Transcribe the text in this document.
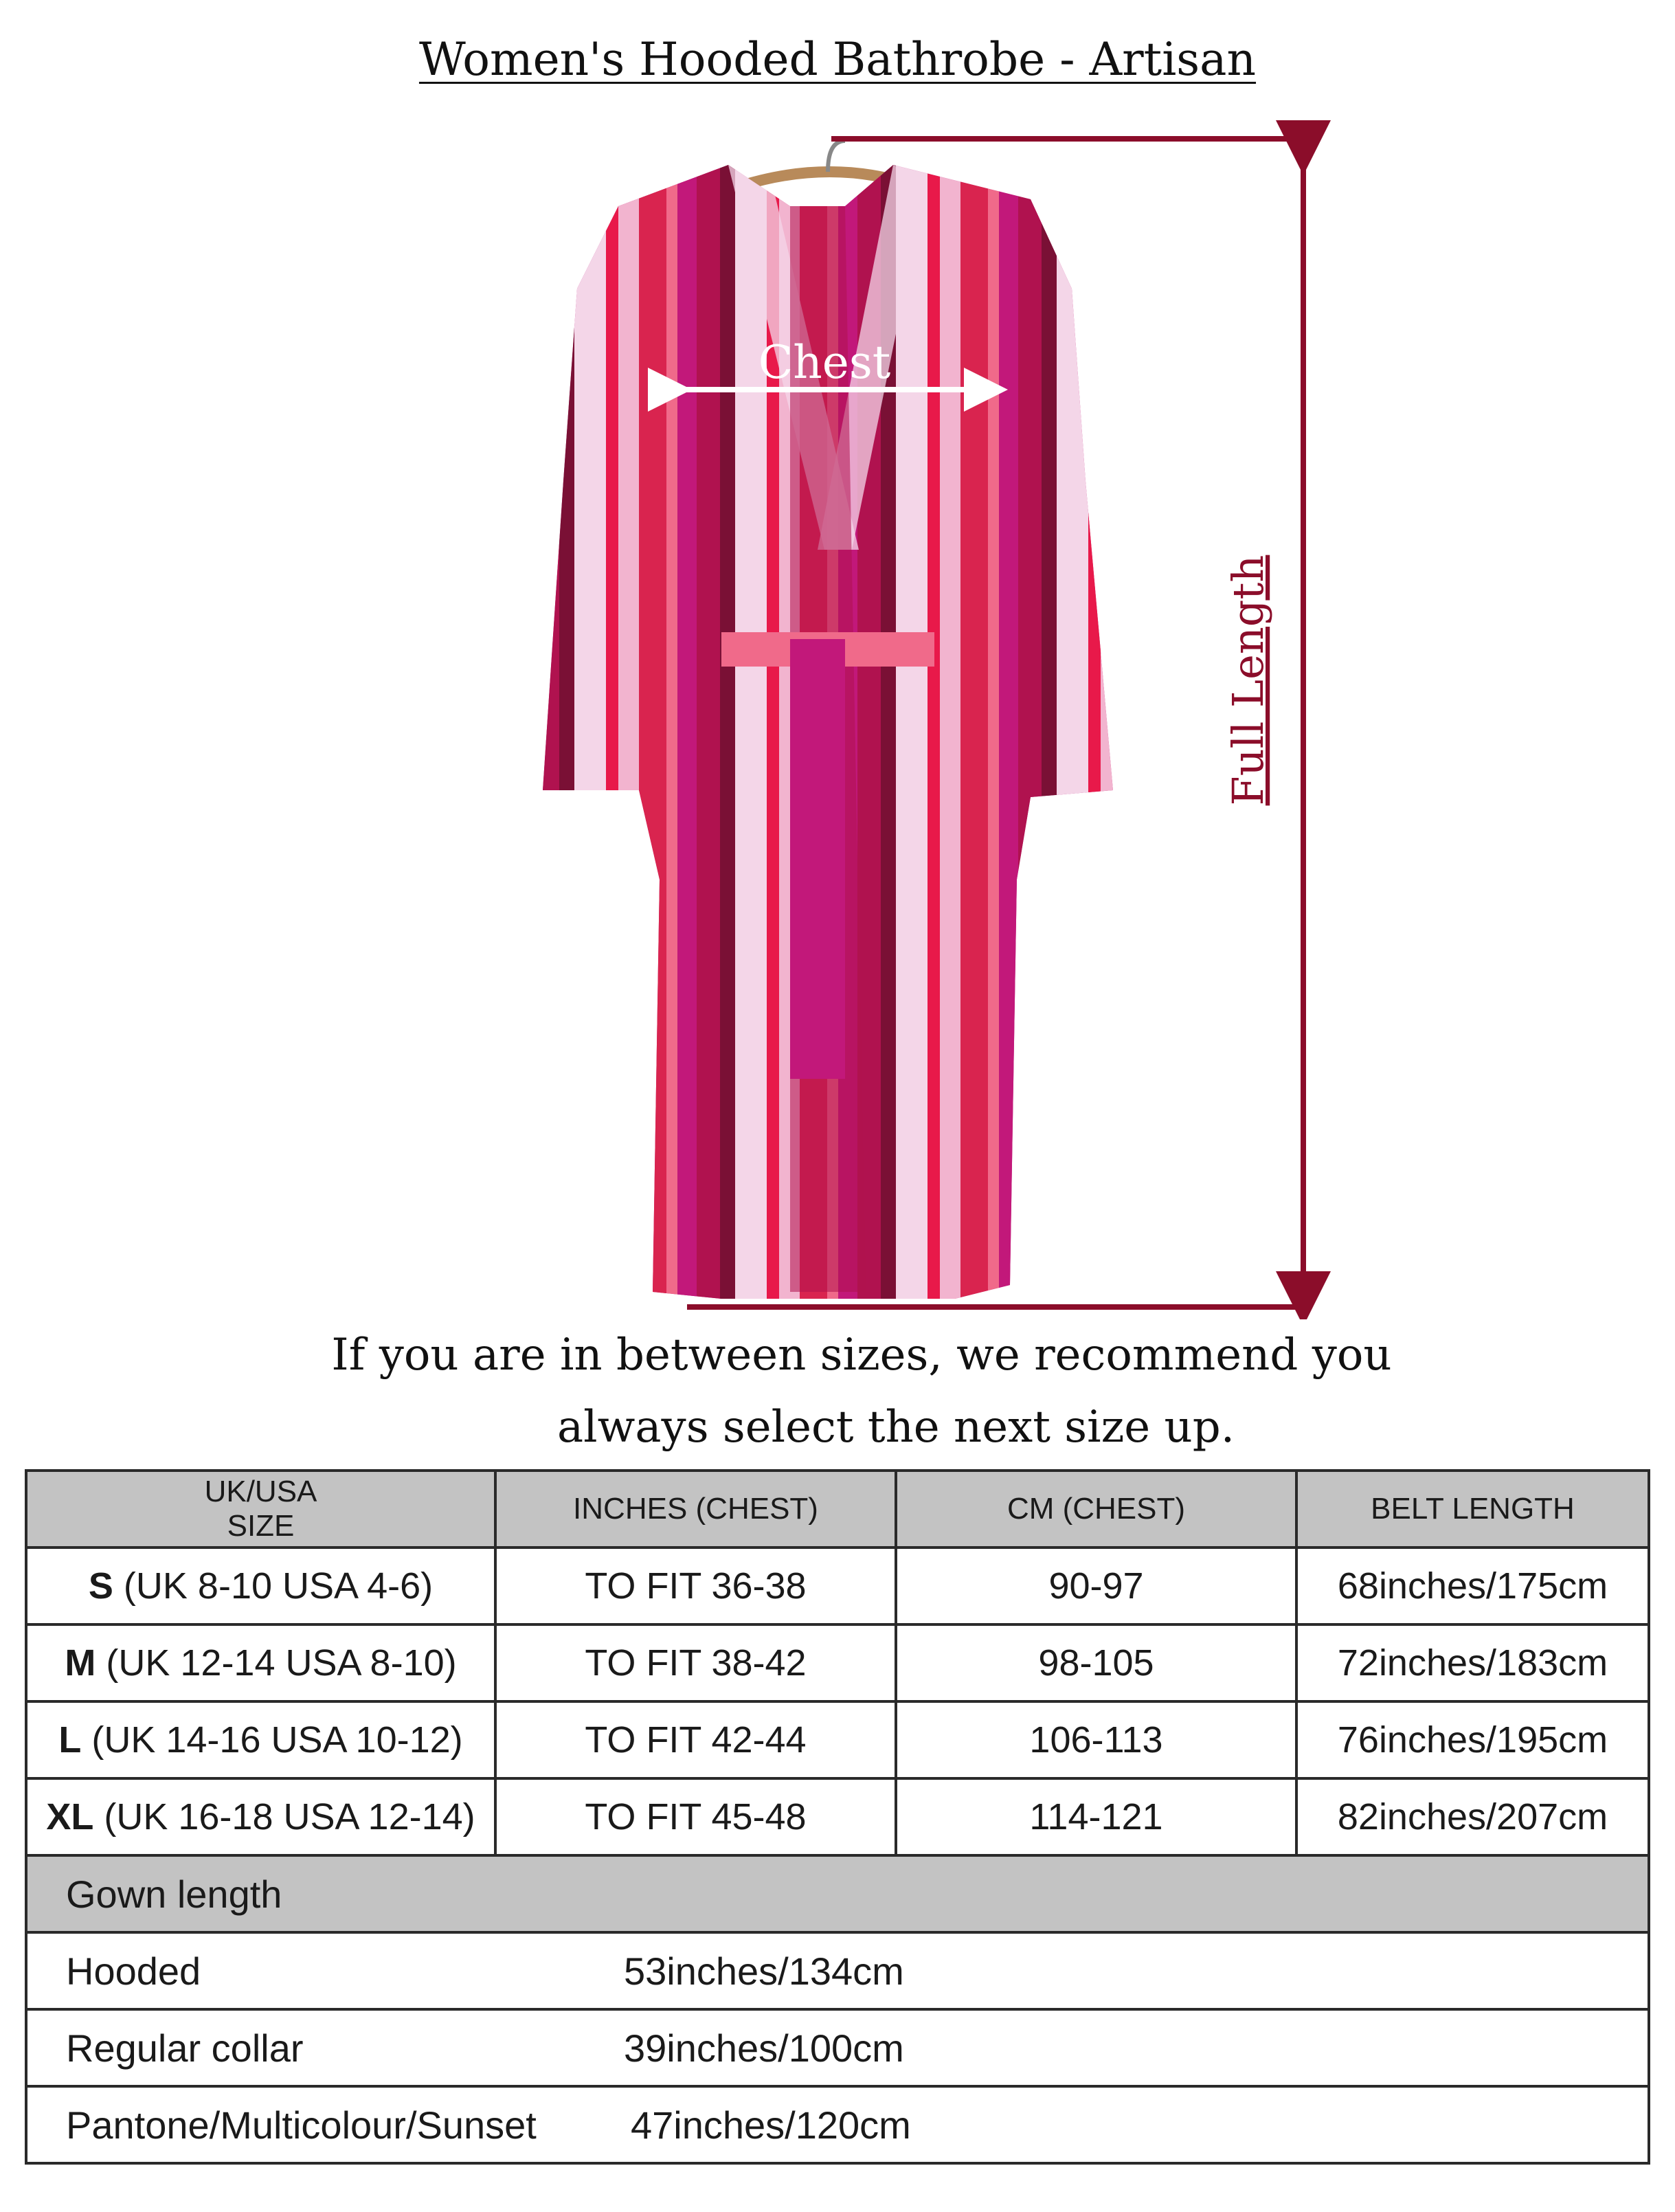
Women's Hooded Bathrobe - Artisan
Chest
Full Length
If you are in between sizes, we recommend you
always select the next size up.
UK/USA
SIZE	INCHES (CHEST)	CM (CHEST)	BELT LENGTH
S (UK 8-10 USA 4-6)	TO FIT 36-38	90-97	68inches/175cm
M (UK 12-14 USA 8-10)	TO FIT 38-42	98-105	72inches/183cm
L (UK 14-16 USA 10-12)	TO FIT 42-44	106-113	76inches/195cm
XL (UK 16-18 USA 12-14)	TO FIT 45-48	114-121	82inches/207cm
Gown length			
Hooded 53inches/134cm			

Regular collar 39inches/100cm			

Pantone/Multicolour/Sunset 47inches/120cm			
